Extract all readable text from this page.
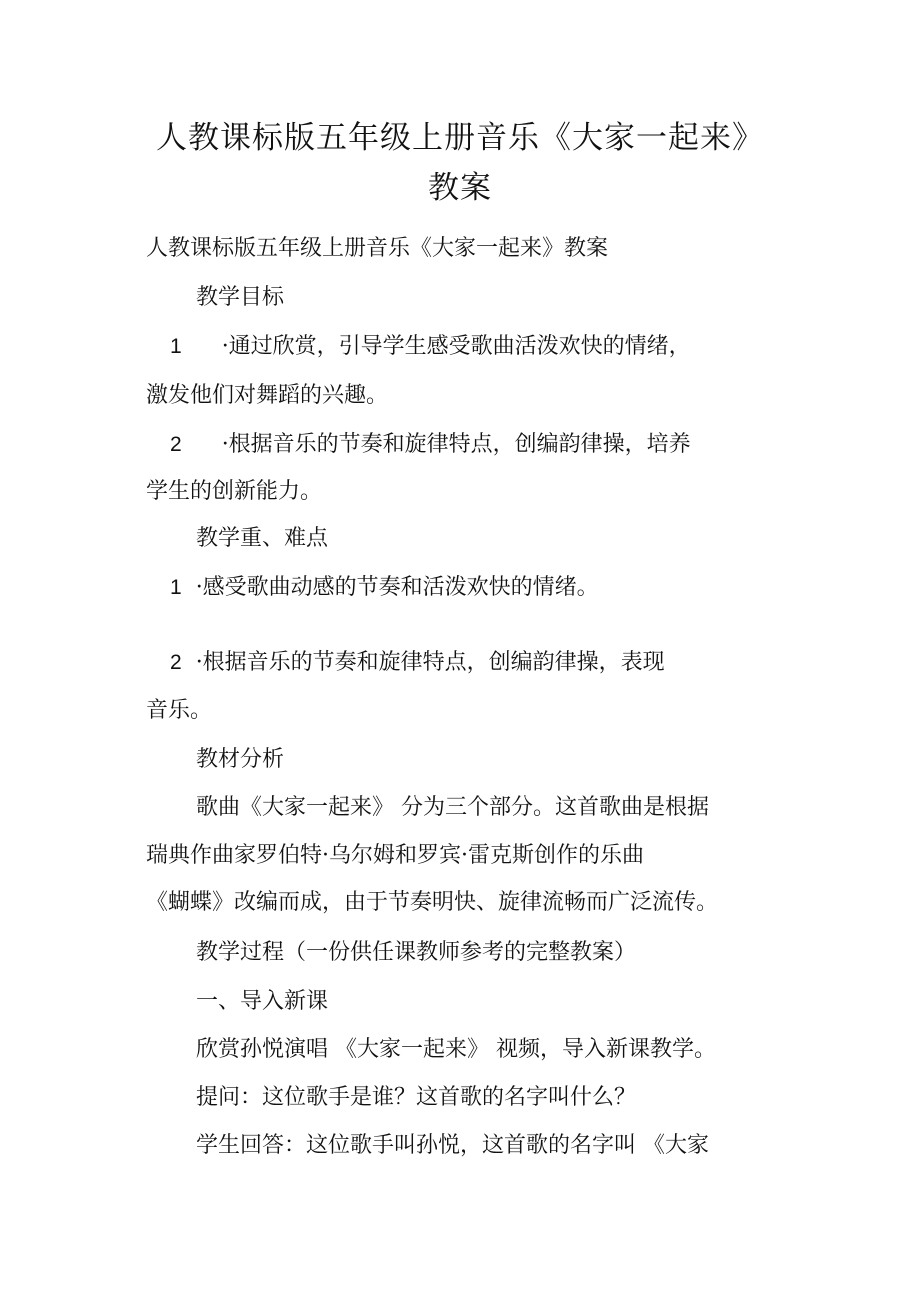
人教课标版五年级上册音乐《大家一起来》
教案

人教课标版五年级上册音乐《大家一起来》教案

教学目标

1 ·通过欣赏，引导学生感受歌曲活泼欢快的情绪，

激发他们对舞蹈的兴趣。

2 ·根据音乐的节奏和旋律特点，创编韵律操，培养

学生的创新能力。

教学重、难点

1 ·感受歌曲动感的节奏和活泼欢快的情绪。

2 ·根据音乐的节奏和旋律特点，创编韵律操，表现

音乐。

教材分析

歌曲《大家一起来》 分为三个部分。这首歌曲是根据

瑞典作曲家罗伯特·乌尔姆和罗宾·雷克斯创作的乐曲

《蝴蝶》改编而成，由于节奏明快、旋律流畅而广泛流传。

教学过程（一份供任课教师参考的完整教案）

一、导入新课

欣赏孙悦演唱 《大家一起来》 视频，导入新课教学。

提问：这位歌手是谁？这首歌的名字叫什么？

学生回答：这位歌手叫孙悦，这首歌的名字叫 《大家
